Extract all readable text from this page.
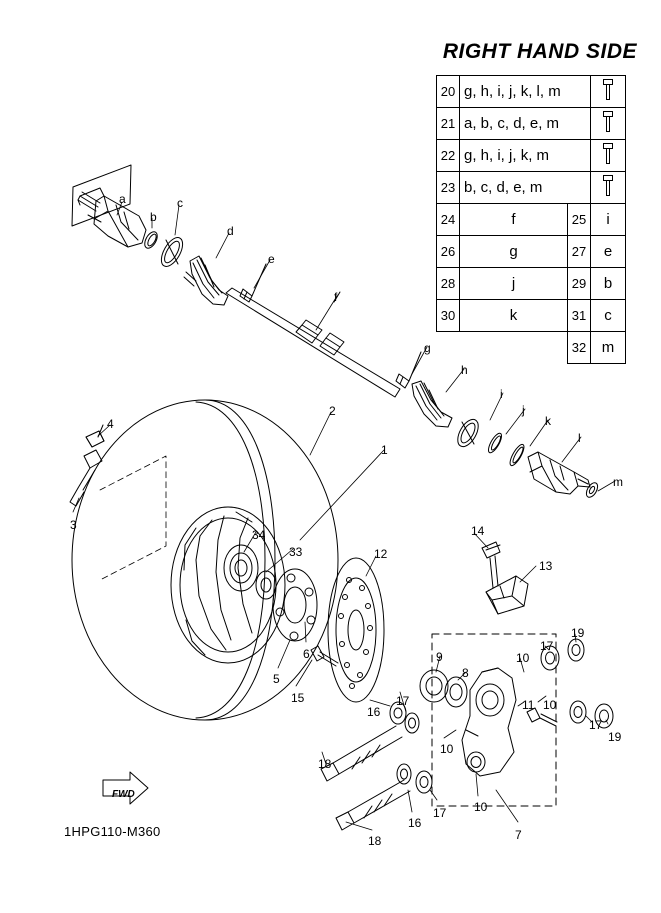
RIGHT HAND SIDE
20	g, h, i, j, k, l, m		
21	a, b, c, d, e, m		
22	g, h, i, j, k, m		
23	b, c, d, e, m		
24	f	25	i
26	g	27	e
28	j	29	b
30	k	31	c
		32	m
a
b
c
d
e
f
g
h
i
j
k
l
m
1
2
3
4
5
6
7
8
9	10
10
10
10
11
12
13
14
15
16
16
17
17
17
17
18
18
19
19
33
34
FWD
1HPG110-M360
